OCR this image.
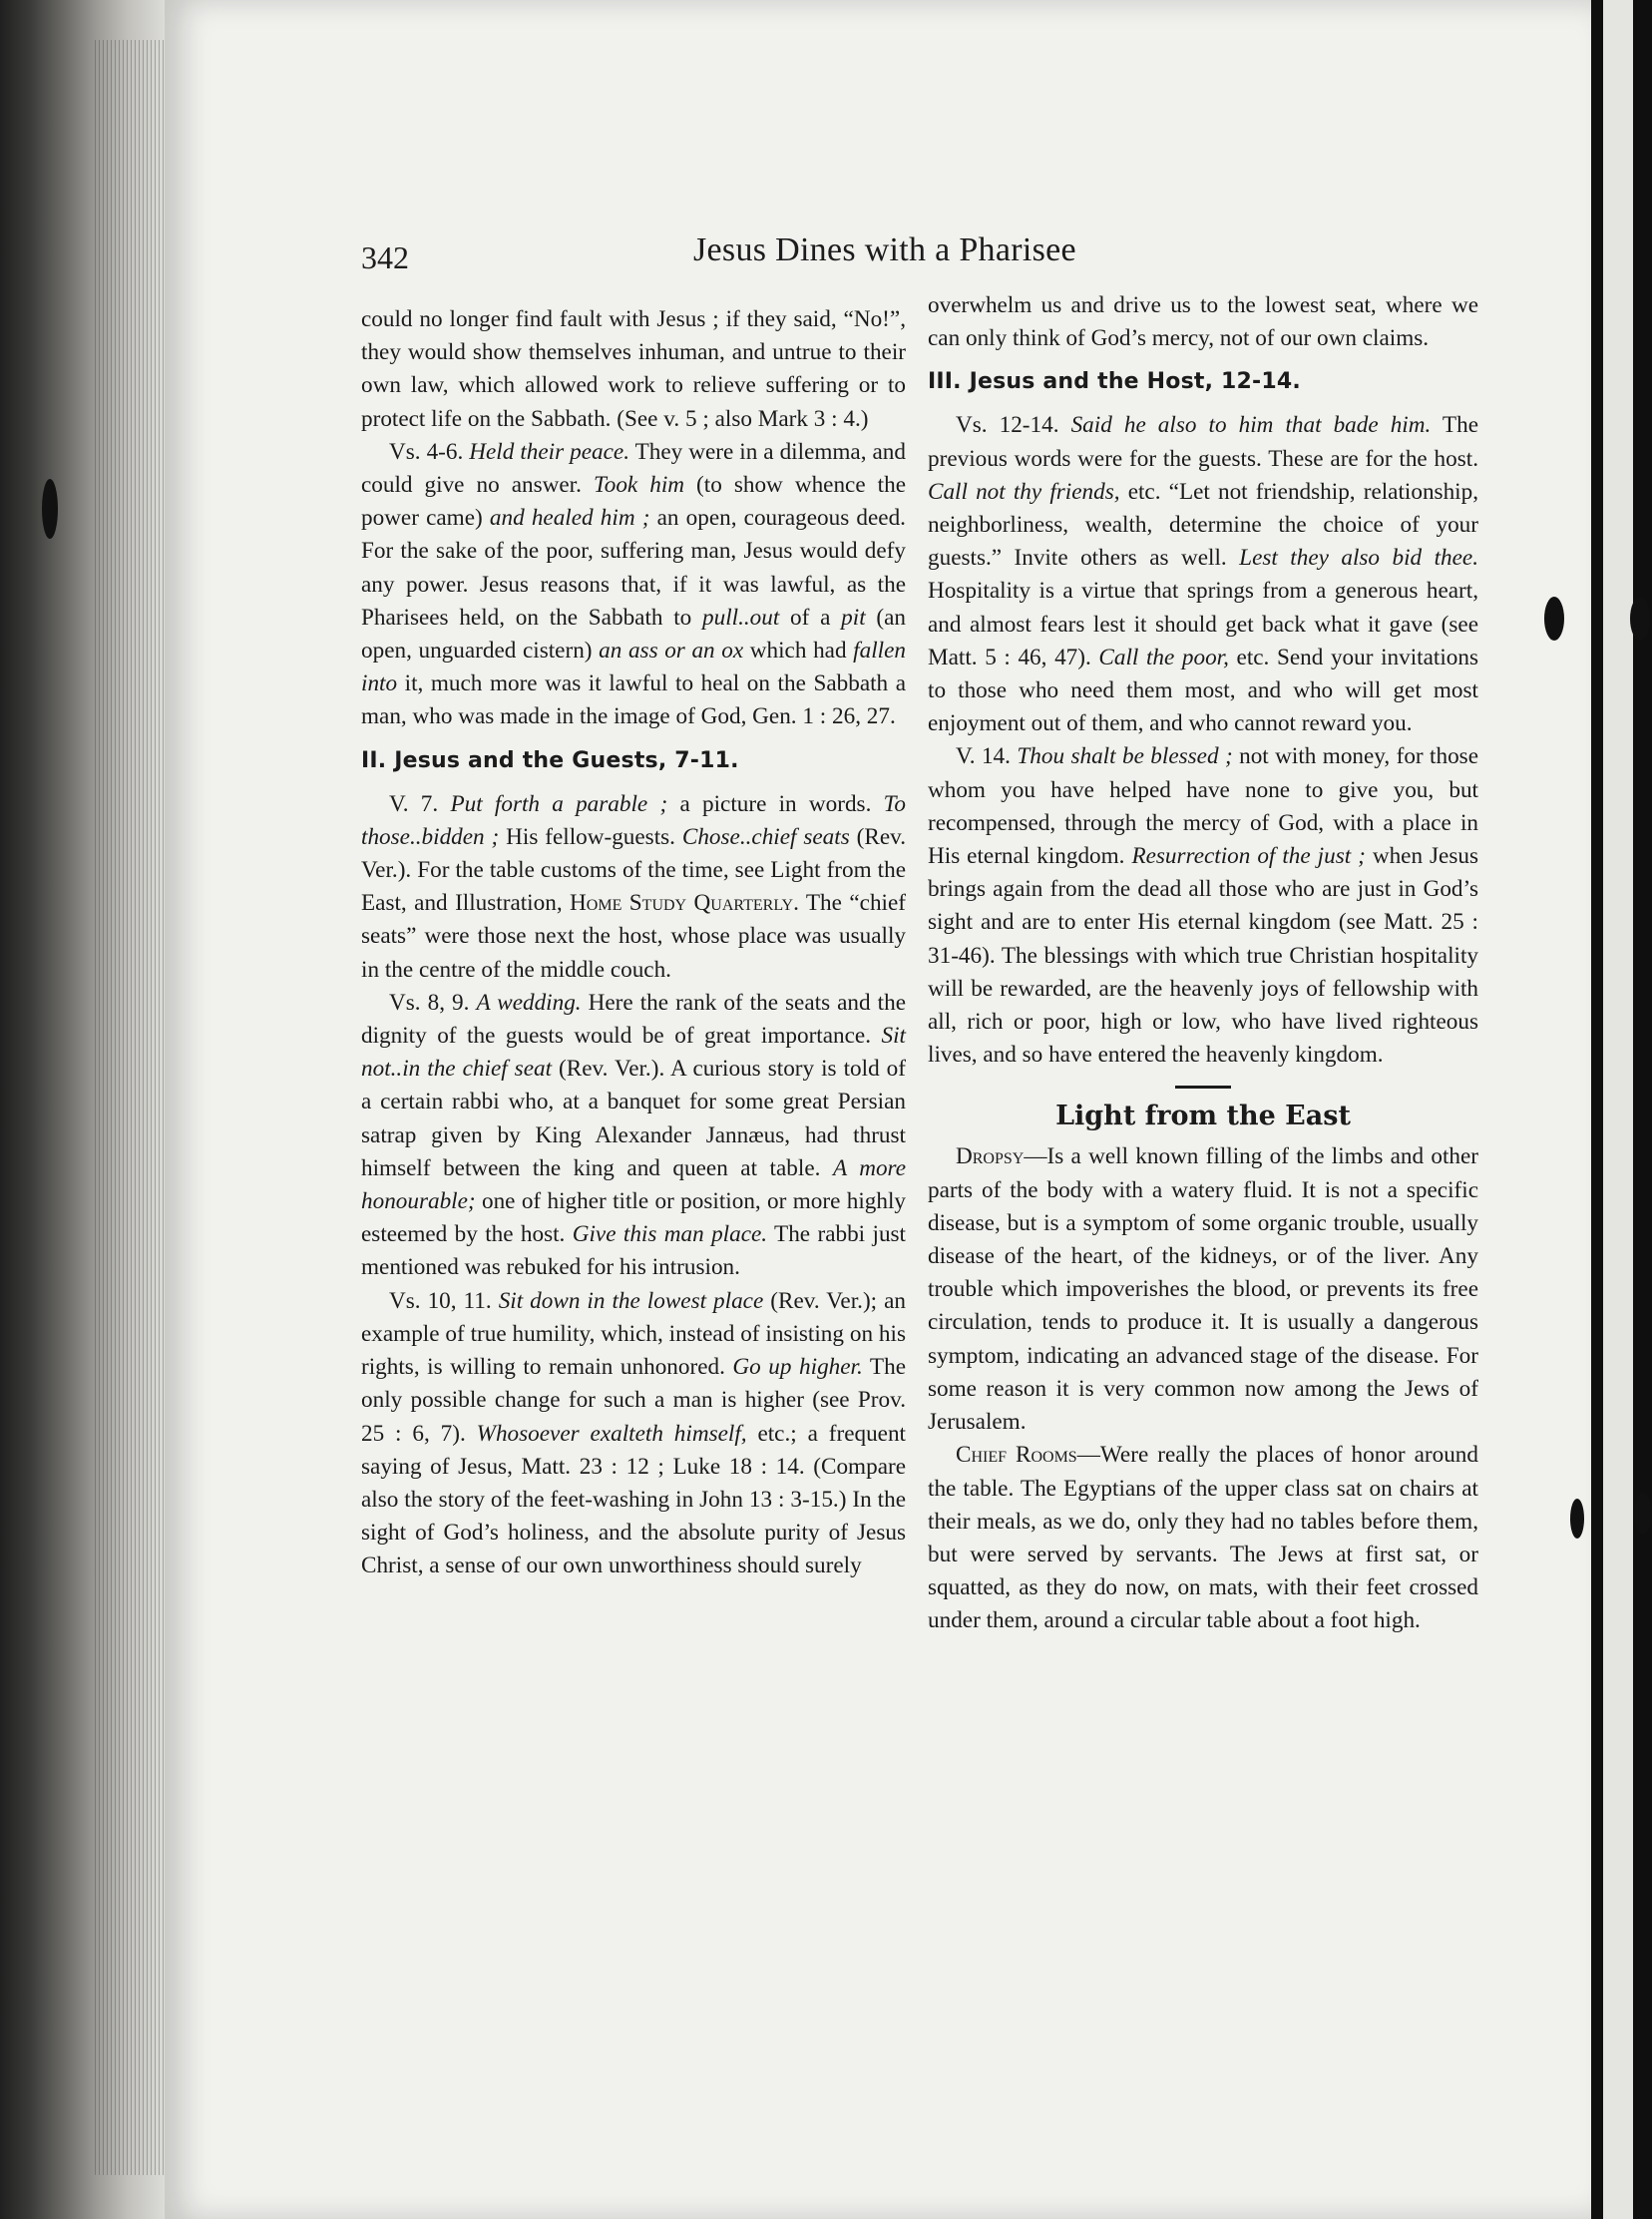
342	Jesus Dines with a Pharisee

could no longer find fault with Jesus ; if they said, “No!”, they would show themselves inhuman, and untrue to their own law, which allowed work to relieve suffering or to protect life on the Sabbath. (See v. 5 ; also Mark 3 : 4.)

Vs. 4-6. Held their peace. They were in a dilemma, and could give no answer. Took him (to show whence the power came) and healed him ; an open, courageous deed. For the sake of the poor, suffering man, Jesus would defy any power. Jesus reasons that, if it was lawful, as the Pharisees held, on the Sabbath to pull..out of a pit (an open, unguarded cistern) an ass or an ox which had fallen into it, much more was it lawful to heal on the Sabbath a man, who was made in the image of God, Gen. 1 : 26, 27.

II. Jesus and the Guests, 7-11.

V. 7. Put forth a parable ; a picture in words. To those..bidden ; His fellow-guests. Chose..chief seats (Rev. Ver.). For the table customs of the time, see Light from the East, and Illustration, Home Study Quarterly. The “chief seats” were those next the host, whose place was usually in the centre of the middle couch.

Vs. 8, 9. A wedding. Here the rank of the seats and the dignity of the guests would be of great importance. Sit not..in the chief seat (Rev. Ver.). A curious story is told of a certain rabbi who, at a banquet for some great Persian satrap given by King Alexander Jannæus, had thrust himself between the king and queen at table. A more honourable; one of higher title or position, or more highly esteemed by the host. Give this man place. The rabbi just mentioned was rebuked for his intrusion.

Vs. 10, 11. Sit down in the lowest place (Rev. Ver.); an example of true humility, which, instead of insisting on his rights, is willing to remain unhonored. Go up higher. The only possible change for such a man is higher (see Prov. 25 : 6, 7). Whosoever exalteth himself, etc.; a frequent saying of Jesus, Matt. 23 : 12 ; Luke 18 : 14. (Compare also the story of the feet-washing in John 13 : 3-15.) In the sight of God’s holiness, and the absolute purity of Jesus Christ, a sense of our own unworthiness should surely

overwhelm us and drive us to the lowest seat, where we can only think of God’s mercy, not of our own claims.

III. Jesus and the Host, 12-14.

Vs. 12-14. Said he also to him that bade him. The previous words were for the guests. These are for the host. Call not thy friends, etc. “Let not friendship, relationship, neighborliness, wealth, determine the choice of your guests.” Invite others as well. Lest they also bid thee. Hospitality is a virtue that springs from a generous heart, and almost fears lest it should get back what it gave (see Matt. 5 : 46, 47). Call the poor, etc. Send your invitations to those who need them most, and who will get most enjoyment out of them, and who cannot reward you.

V. 14. Thou shalt be blessed ; not with money, for those whom you have helped have none to give you, but recompensed, through the mercy of God, with a place in His eternal kingdom. Resurrection of the just ; when Jesus brings again from the dead all those who are just in God’s sight and are to enter His eternal kingdom (see Matt. 25 : 31-46). The blessings with which true Christian hospitality will be rewarded, are the heavenly joys of fellowship with all, rich or poor, high or low, who have lived righteous lives, and so have entered the heavenly kingdom.

Light from the East

Dropsy—Is a well known filling of the limbs and other parts of the body with a watery fluid. It is not a specific disease, but is a symptom of some organic trouble, usually disease of the heart, of the kidneys, or of the liver. Any trouble which impoverishes the blood, or prevents its free circulation, tends to produce it. It is usually a dangerous symptom, indicating an advanced stage of the disease. For some reason it is very common now among the Jews of Jerusalem.

Chief Rooms—Were really the places of honor around the table. The Egyptians of the upper class sat on chairs at their meals, as we do, only they had no tables before them, but were served by servants. The Jews at first sat, or squatted, as they do now, on mats, with their feet crossed under them, around a circular table about a foot high.
